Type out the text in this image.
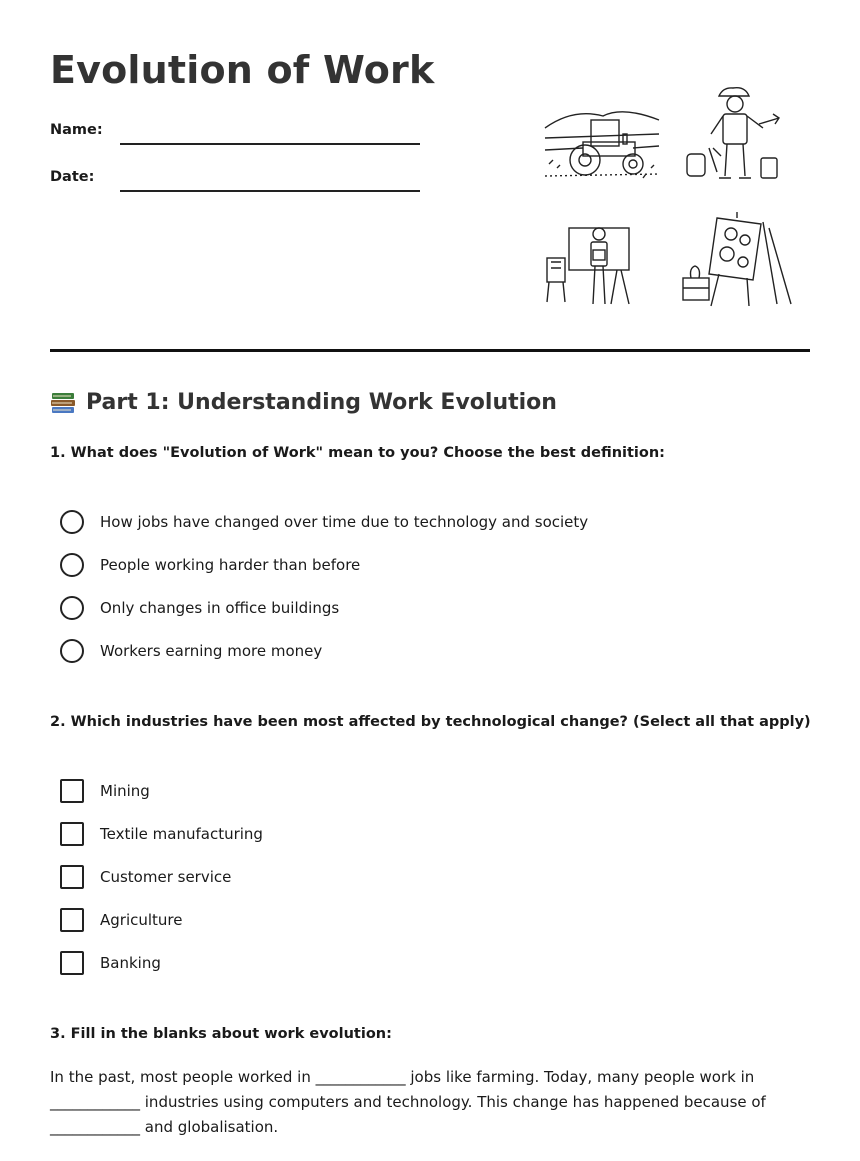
Evolution of Work
Name:
Date:
Part 1: Understanding Work Evolution

1. What does "Evolution of Work" mean to you? Choose the best definition:

How jobs have changed over time due to technology and society
People working harder than before
Only changes in office buildings
Workers earning more money

2. Which industries have been most affected by technological change? (Select all that apply)

Mining
Textile manufacturing
Customer service
Agriculture
Banking

3. Fill in the blanks about work evolution:

In the past, most people worked in ____________ jobs like farming. Today, many people work in ____________ industries using computers and technology. This change has happened because of ____________ and globalisation.
